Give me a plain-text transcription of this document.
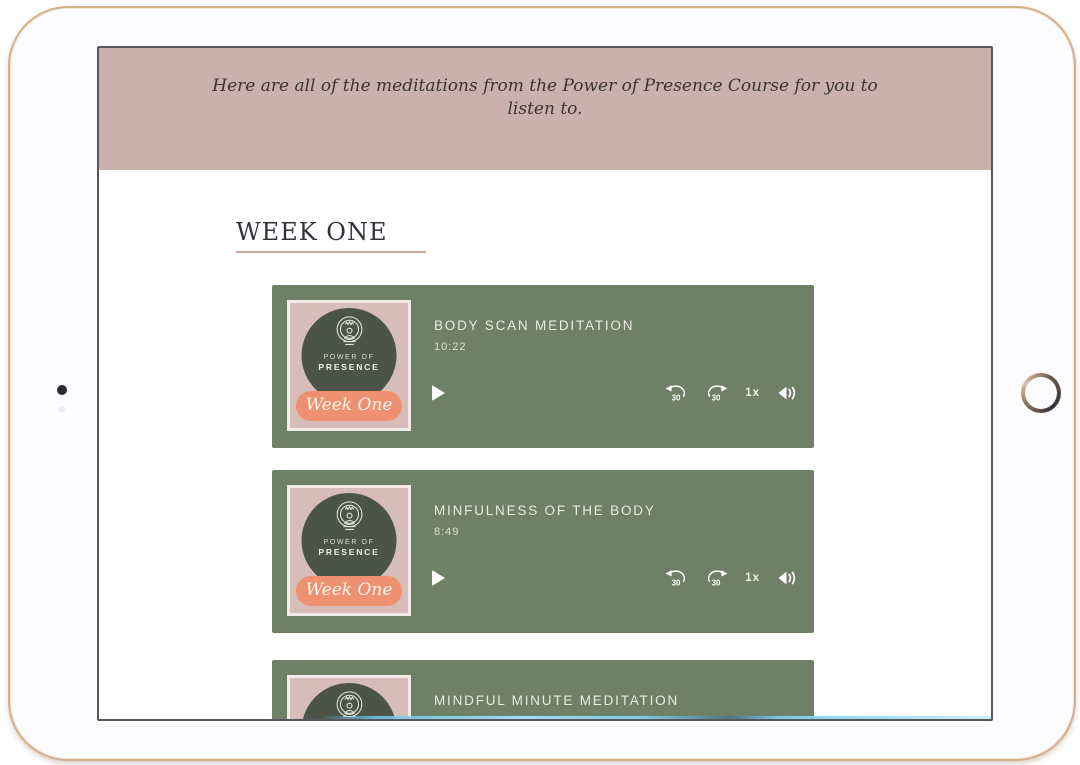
Here are all of the meditations from the Power of Presence Course for you to listen to.
WEEK ONE
POWER OF
PRESENCE
Week One
BODY SCAN MEDITATION
10:22
30	30 1x
POWER OF
PRESENCE
Week One
MINFULNESS OF THE BODY
8:49
30	30 1x
MINDFUL MINUTE MEDITATION
